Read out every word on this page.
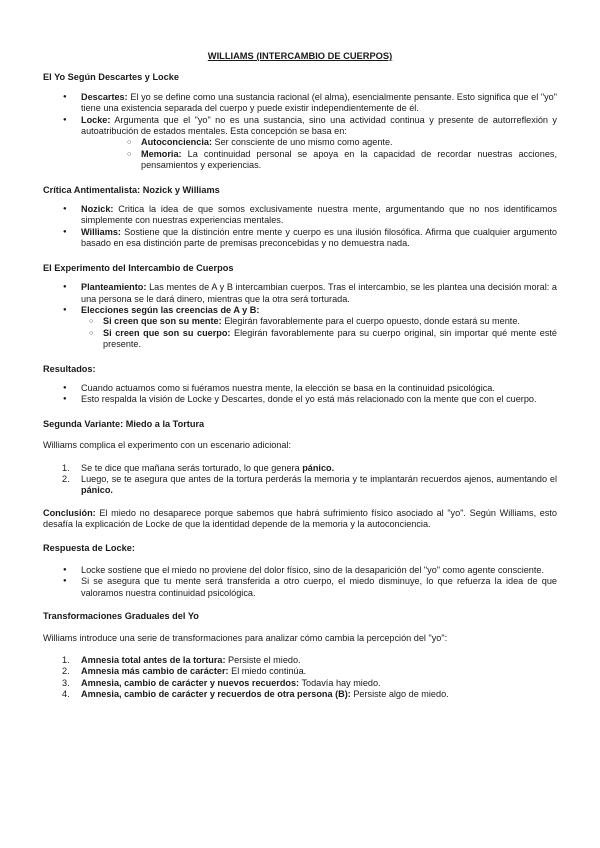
WILLIAMS (INTERCAMBIO DE CUERPOS)
El Yo Según Descartes y Locke
● Descartes: El yo se define como una sustancia racional (el alma), esencialmente pensante. Esto significa que el "yo" tiene una existencia separada del cuerpo y puede existir independientemente de él.
● Locke: Argumenta que el "yo" no es una sustancia, sino una actividad continua y presente de autorreflexión y autoatribución de estados mentales. Esta concepción se basa en:
○ Autoconciencia: Ser consciente de uno mismo como agente.
○ Memoria: La continuidad personal se apoya en la capacidad de recordar nuestras acciones, pensamientos y experiencias.
Crítica Antimentalista: Nozick y Williams
● Nozick: Critica la idea de que somos exclusivamente nuestra mente, argumentando que no nos identificamos simplemente con nuestras experiencias mentales.
● Williams: Sostiene que la distinción entre mente y cuerpo es una ilusión filosófica. Afirma que cualquier argumento basado en esa distinción parte de premisas preconcebidas y no demuestra nada.
El Experimento del Intercambio de Cuerpos
● Planteamiento: Las mentes de A y B intercambian cuerpos. Tras el intercambio, se les plantea una decisión moral: a una persona se le dará dinero, mientras que la otra será torturada.
● Elecciones según las creencias de A y B:
○ Si creen que son su mente: Elegirán favorablemente para el cuerpo opuesto, donde estará su mente.
○ Si creen que son su cuerpo: Elegirán favorablemente para su cuerpo original, sin importar qué mente esté presente.
Resultados:
● Cuando actuamos como si fuéramos nuestra mente, la elección se basa en la continuidad psicológica.
● Esto respalda la visión de Locke y Descartes, donde el yo está más relacionado con la mente que con el cuerpo.
Segunda Variante: Miedo a la Tortura

Williams complica el experimento con un escenario adicional:

Se te dice que mañana serás torturado, lo que genera pánico.
Luego, se te asegura que antes de la tortura perderás la memoria y te implantarán recuerdos ajenos, aumentando el pánico.

Conclusión: El miedo no desaparece porque sabemos que habrá sufrimiento físico asociado al "yo". Según Williams, esto desafía la explicación de Locke de que la identidad depende de la memoria y la autoconciencia.

Respuesta de Locke:
● Locke sostiene que el miedo no proviene del dolor físico, sino de la desaparición del "yo" como agente consciente.
● Si se asegura que tu mente será transferida a otro cuerpo, el miedo disminuye, lo que refuerza la idea de que valoramos nuestra continuidad psicológica.
Transformaciones Graduales del Yo

Williams introduce una serie de transformaciones para analizar cómo cambia la percepción del "yo":

Amnesia total antes de la tortura: Persiste el miedo.
Amnesia más cambio de carácter: El miedo continúa.
Amnesia, cambio de carácter y nuevos recuerdos: Todavía hay miedo.
Amnesia, cambio de carácter y recuerdos de otra persona (B): Persiste algo de miedo.
